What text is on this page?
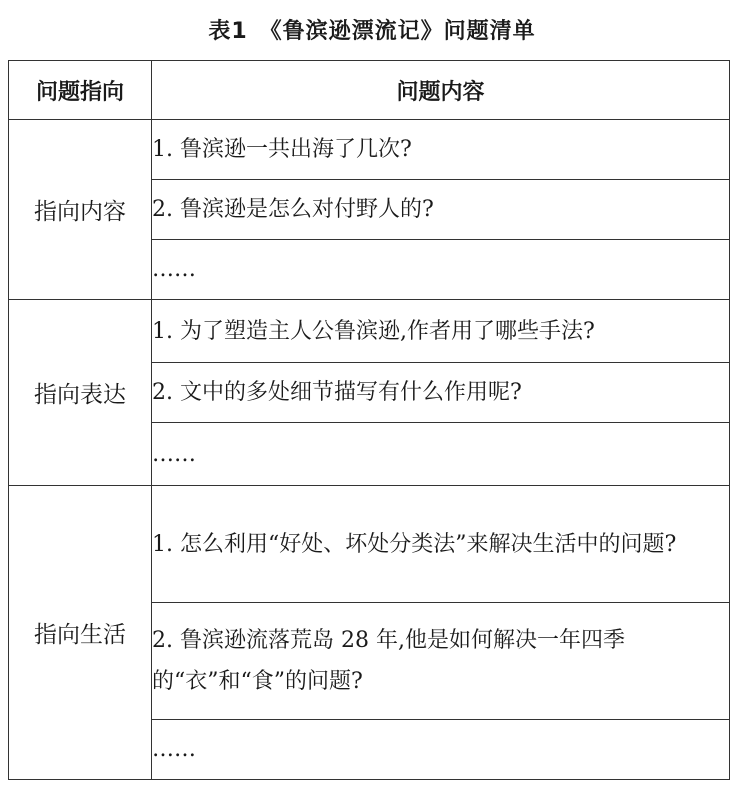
表1　《鲁滨逊漂流记》问题清单
问题指向	问题内容
指向内容	1. 鲁滨逊一共出海了几次?
	2. 鲁滨逊是怎么对付野人的?
	……
指向表达	1. 为了塑造主人公鲁滨逊,作者用了哪些手法?
	2. 文中的多处细节描写有什么作用呢?
	……
指向生活	1. 怎么利用“好处、坏处分类法”来解决生活中的问题?
	2. 鲁滨逊流落荒岛 28 年,他是如何解决一年四季的“衣”和“食”的问题?
	……
